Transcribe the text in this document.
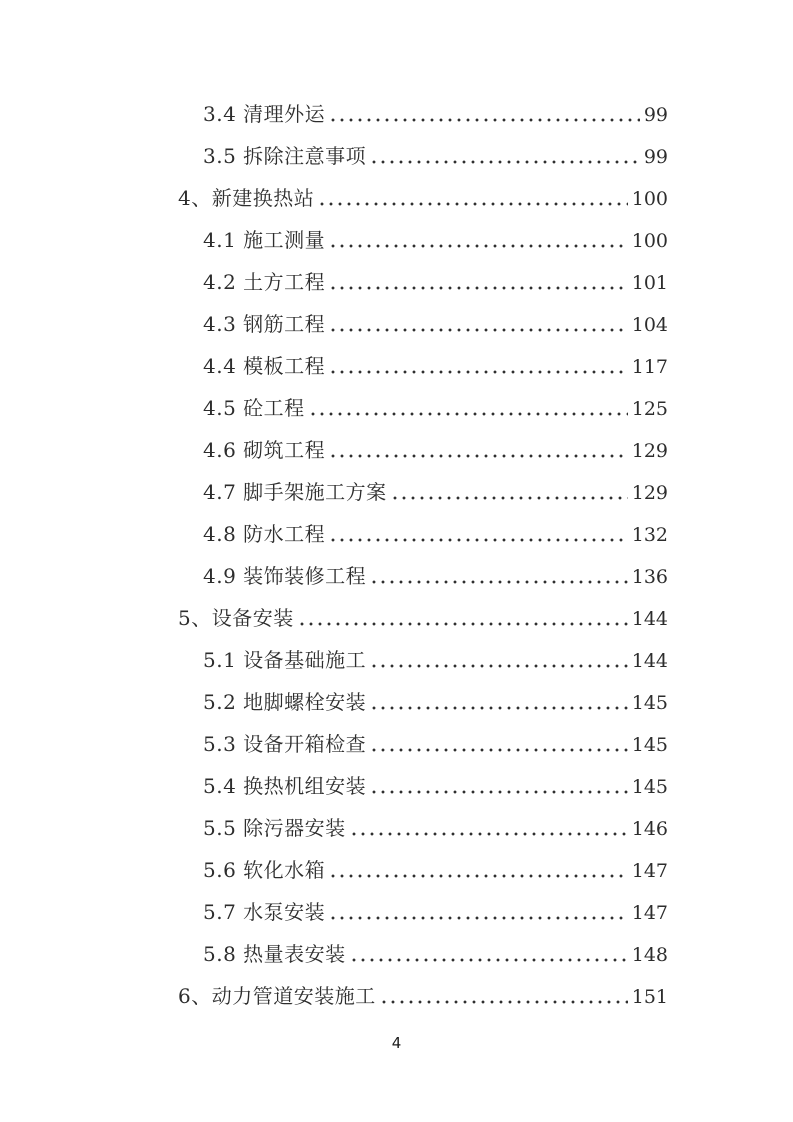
3.4 清理外运	99
3.5 拆除注意事项	99
4、新建换热站	100
4.1 施工测量	100
4.2 土方工程	101
4.3 钢筋工程	104
4.4 模板工程	117
4.5 砼工程	125
4.6 砌筑工程	129
4.7 脚手架施工方案	129
4.8 防水工程	132
4.9 装饰装修工程	136
5、设备安装	144
5.1 设备基础施工	144
5.2 地脚螺栓安装	145
5.3 设备开箱检查	145
5.4 换热机组安装	145
5.5 除污器安装	146
5.6 软化水箱	147
5.7 水泵安装	147
5.8 热量表安装	148
6、动力管道安装施工	151
4
